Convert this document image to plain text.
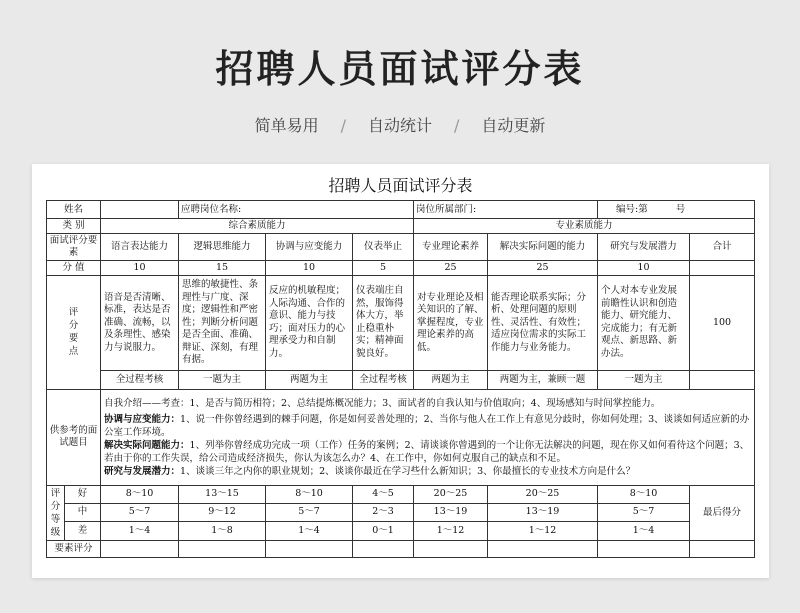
招聘人员面试评分表
简单易用 / 自动统计 / 自动更新
招聘人员面试评分表
姓名			应聘岗位名称:			岗位所属部门:		编号:第 号	
类 别		综合素质能力				专业素质能力			
面试评分要素		语言表达能力	逻辑思维能力	协调与应变能力	仪表举止	专业理论素养	解决实际问题的能力	研究与发展潜力	合计
分 值		10	15	10	5	25	25	10	
评分要点		语音是否清晰、标准，表达是否准确、流畅，以及条理性、感染力与说服力。	思维的敏捷性、条理性与广度、深度；逻辑性和严密性；判断分析问题是否全面、准确、辩证、深刻，有理有据。	反应的机敏程度；人际沟通、合作的意识、能力与技巧；面对压力的心理承受力和自制力。	仪表端庄自然，服饰得体大方，举止稳重朴实；精神面貌良好。	对专业理论及相关知识的了解、掌握程度，专业理论素养的高低。	能否理论联系实际；分析、处理问题的原则性、灵活性、有效性；适应岗位需求的实际工作能力与业务能力。	个人对本专业发展前瞻性认识和创造能力、研究能力、完成能力；有无新观点、新思路、新办法。	100
		全过程考核	一题为主	两题为主	全过程考核	两题为主	两题为主，兼顾一题	一题为主	
供参考的面试题目		自我介绍——考查：1、是否与简历相符；2、总结提炼概况能力；3、面试者的自我认知与价值取向；4、现场感知与时间掌控能力。
协调与应变能力：1、说一件你曾经遇到的棘手问题，你是如何妥善处理的；2、当你与他人在工作上有意见分歧时，你如何处理；3、谈谈如何适应新的办公室工作环境。
解决实际问题能力：1、列举你曾经成功完成一项（工作）任务的案例；2、请谈谈你曾遇到的一个让你无法解决的问题，现在你又如何看待这个问题；3、若由于你的工作失误，给公司造成经济损失，你认为该怎么办？4、在工作中，你如何克服自己的缺点和不足。
研究与发展潜力：1、谈谈三年之内你的职业规划；2、谈谈你最近在学习些什么新知识；3、你最擅长的专业技术方向是什么？							

评分等级	好	8～10	13～15	8～10	4～5	20～25	20～25	8～10	最后得分
	中	5～7	9～12	5～7	2～3	13～19	13～19	5～7	
	差	1～4	1～8	1～4	0～1	1～12	1～12	1～4	
要素评分									
